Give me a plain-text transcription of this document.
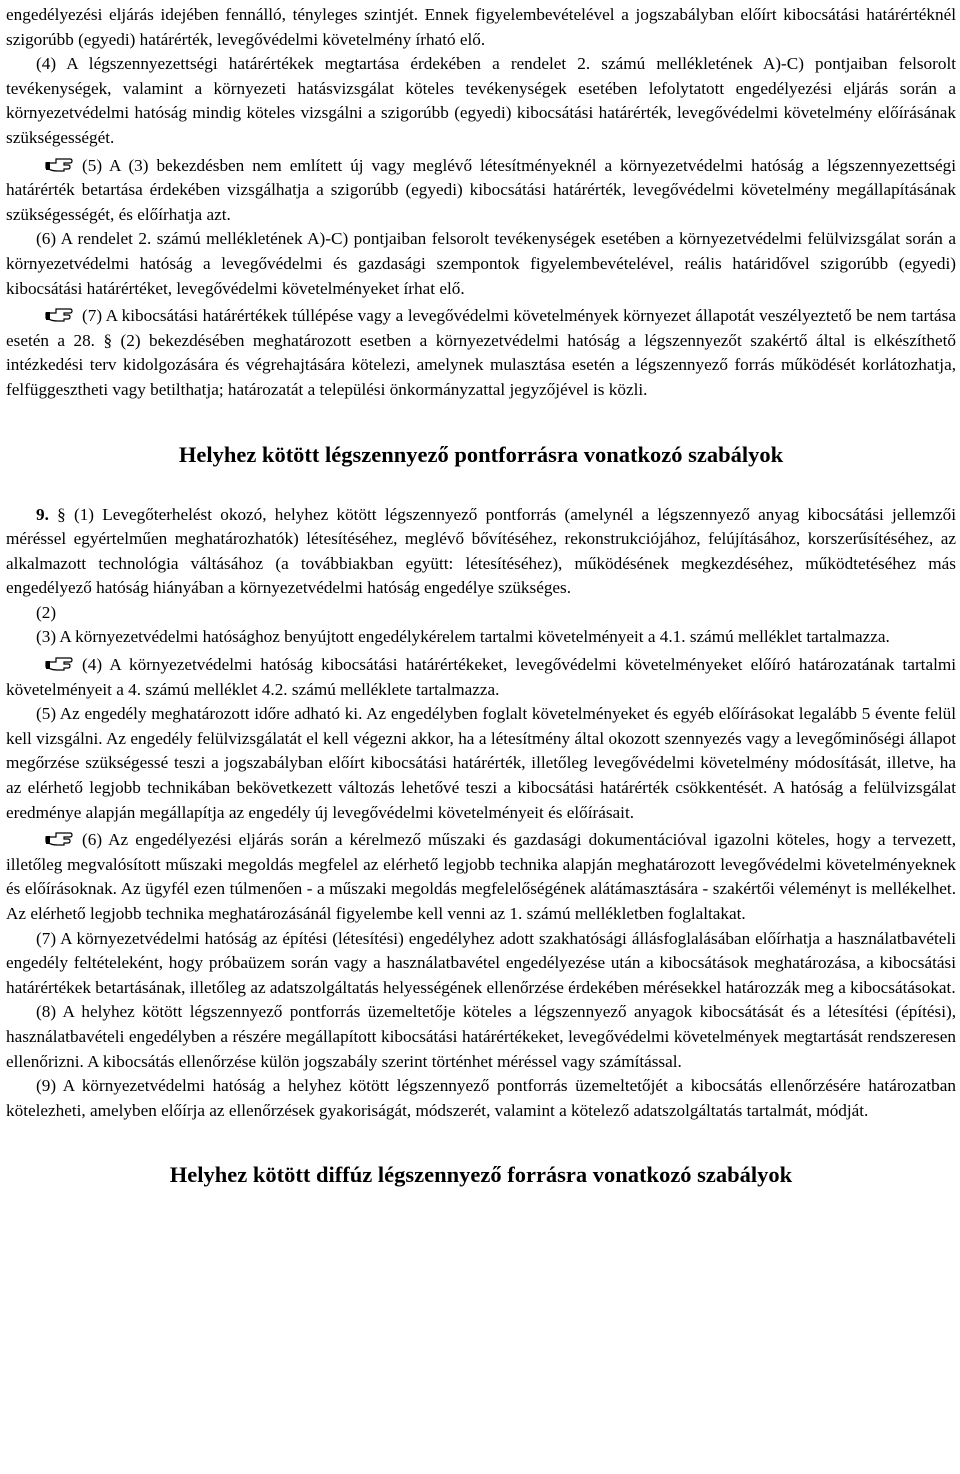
engedélyezési eljárás idejében fennálló, tényleges szintjét. Ennek figyelembevételével a jogszabályban előírt kibocsátási határértéknél szigorúbb (egyedi) határérték, levegővédelmi követelmény írható elő.

(4) A légszennyezettségi határértékek megtartása érdekében a rendelet 2. számú mellékletének A)-C) pontjaiban felsorolt tevékenységek, valamint a környezeti hatásvizsgálat köteles tevékenységek esetében lefolytatott engedélyezési eljárás során a környezetvédelmi hatóság mindig köteles vizsgálni a szigorúbb (egyedi) kibocsátási határérték, levegővédelmi követelmény előírásának szükségességét.

(5) A (3) bekezdésben nem említett új vagy meglévő létesítményeknél a környezetvédelmi hatóság a légszennyezettségi határérték betartása érdekében vizsgálhatja a szigorúbb (egyedi) kibocsátási határérték, levegővédelmi követelmény megállapításának szükségességét, és előírhatja azt.

(6) A rendelet 2. számú mellékletének A)-C) pontjaiban felsorolt tevékenységek esetében a környezetvédelmi felülvizsgálat során a környezetvédelmi hatóság a levegővédelmi és gazdasági szempontok figyelembevételével, reális határidővel szigorúbb (egyedi) kibocsátási határértéket, levegővédelmi követelményeket írhat elő.

(7) A kibocsátási határértékek túllépése vagy a levegővédelmi követelmények környezet állapotát veszélyeztető be nem tartása esetén a 28. § (2) bekezdésében meghatározott esetben a környezetvédelmi hatóság a légszennyezőt szakértő által is elkészíthető intézkedési terv kidolgozására és végrehajtására kötelezi, amelynek mulasztása esetén a légszennyező forrás működését korlátozhatja, felfüggesztheti vagy betilthatja; határozatát a települési önkormányzattal jegyzőjével is közli.

Helyhez kötött légszennyező pontforrásra vonatkozó szabályok

9. § (1) Levegőterhelést okozó, helyhez kötött légszennyező pontforrás (amelynél a légszennyező anyag kibocsátási jellemzői méréssel egyértelműen meghatározhatók) létesítéséhez, meglévő bővítéséhez, rekonstrukciójához, felújításához, korszerűsítéséhez, az alkalmazott technológia váltásához (a továbbiakban együtt: létesítéséhez), működésének megkezdéséhez, működtetéséhez más engedélyező hatóság hiányában a környezetvédelmi hatóság engedélye szükséges.

(2)

(3) A környezetvédelmi hatósághoz benyújtott engedélykérelem tartalmi követelményeit a 4.1. számú melléklet tartalmazza.

(4) A környezetvédelmi hatóság kibocsátási határértékeket, levegővédelmi követelményeket előíró határozatának tartalmi követelményeit a 4. számú melléklet 4.2. számú melléklete tartalmazza.

(5) Az engedély meghatározott időre adható ki. Az engedélyben foglalt követelményeket és egyéb előírásokat legalább 5 évente felül kell vizsgálni. Az engedély felülvizsgálatát el kell végezni akkor, ha a létesítmény által okozott szennyezés vagy a levegőminőségi állapot megőrzése szükségessé teszi a jogszabályban előírt kibocsátási határérték, illetőleg levegővédelmi követelmény módosítását, illetve, ha az elérhető legjobb technikában bekövetkezett változás lehetővé teszi a kibocsátási határérték csökkentését. A hatóság a felülvizsgálat eredménye alapján megállapítja az engedély új levegővédelmi követelményeit és előírásait.

(6) Az engedélyezési eljárás során a kérelmező műszaki és gazdasági dokumentációval igazolni köteles, hogy a tervezett, illetőleg megvalósított műszaki megoldás megfelel az elérhető legjobb technika alapján meghatározott levegővédelmi követelményeknek és előírásoknak. Az ügyfél ezen túlmenően - a műszaki megoldás megfelelőségének alátámasztására - szakértői véleményt is mellékelhet. Az elérhető legjobb technika meghatározásánál figyelembe kell venni az 1. számú mellékletben foglaltakat.

(7) A környezetvédelmi hatóság az építési (létesítési) engedélyhez adott szakhatósági állásfoglalásában előírhatja a használatbavételi engedély feltételeként, hogy próbaüzem során vagy a használatbavétel engedélyezése után a kibocsátások meghatározása, a kibocsátási határértékek betartásának, illetőleg az adatszolgáltatás helyességének ellenőrzése érdekében mérésekkel határozzák meg a kibocsátásokat.

(8) A helyhez kötött légszennyező pontforrás üzemeltetője köteles a légszennyező anyagok kibocsátását és a létesítési (építési), használatbavételi engedélyben a részére megállapított kibocsátási határértékeket, levegővédelmi követelmények megtartását rendszeresen ellenőrizni. A kibocsátás ellenőrzése külön jogszabály szerint történhet méréssel vagy számítással.

(9) A környezetvédelmi hatóság a helyhez kötött légszennyező pontforrás üzemeltetőjét a kibocsátás ellenőrzésére határozatban kötelezheti, amelyben előírja az ellenőrzések gyakoriságát, módszerét, valamint a kötelező adatszolgáltatás tartalmát, módját.

Helyhez kötött diffúz légszennyező forrásra vonatkozó szabályok
